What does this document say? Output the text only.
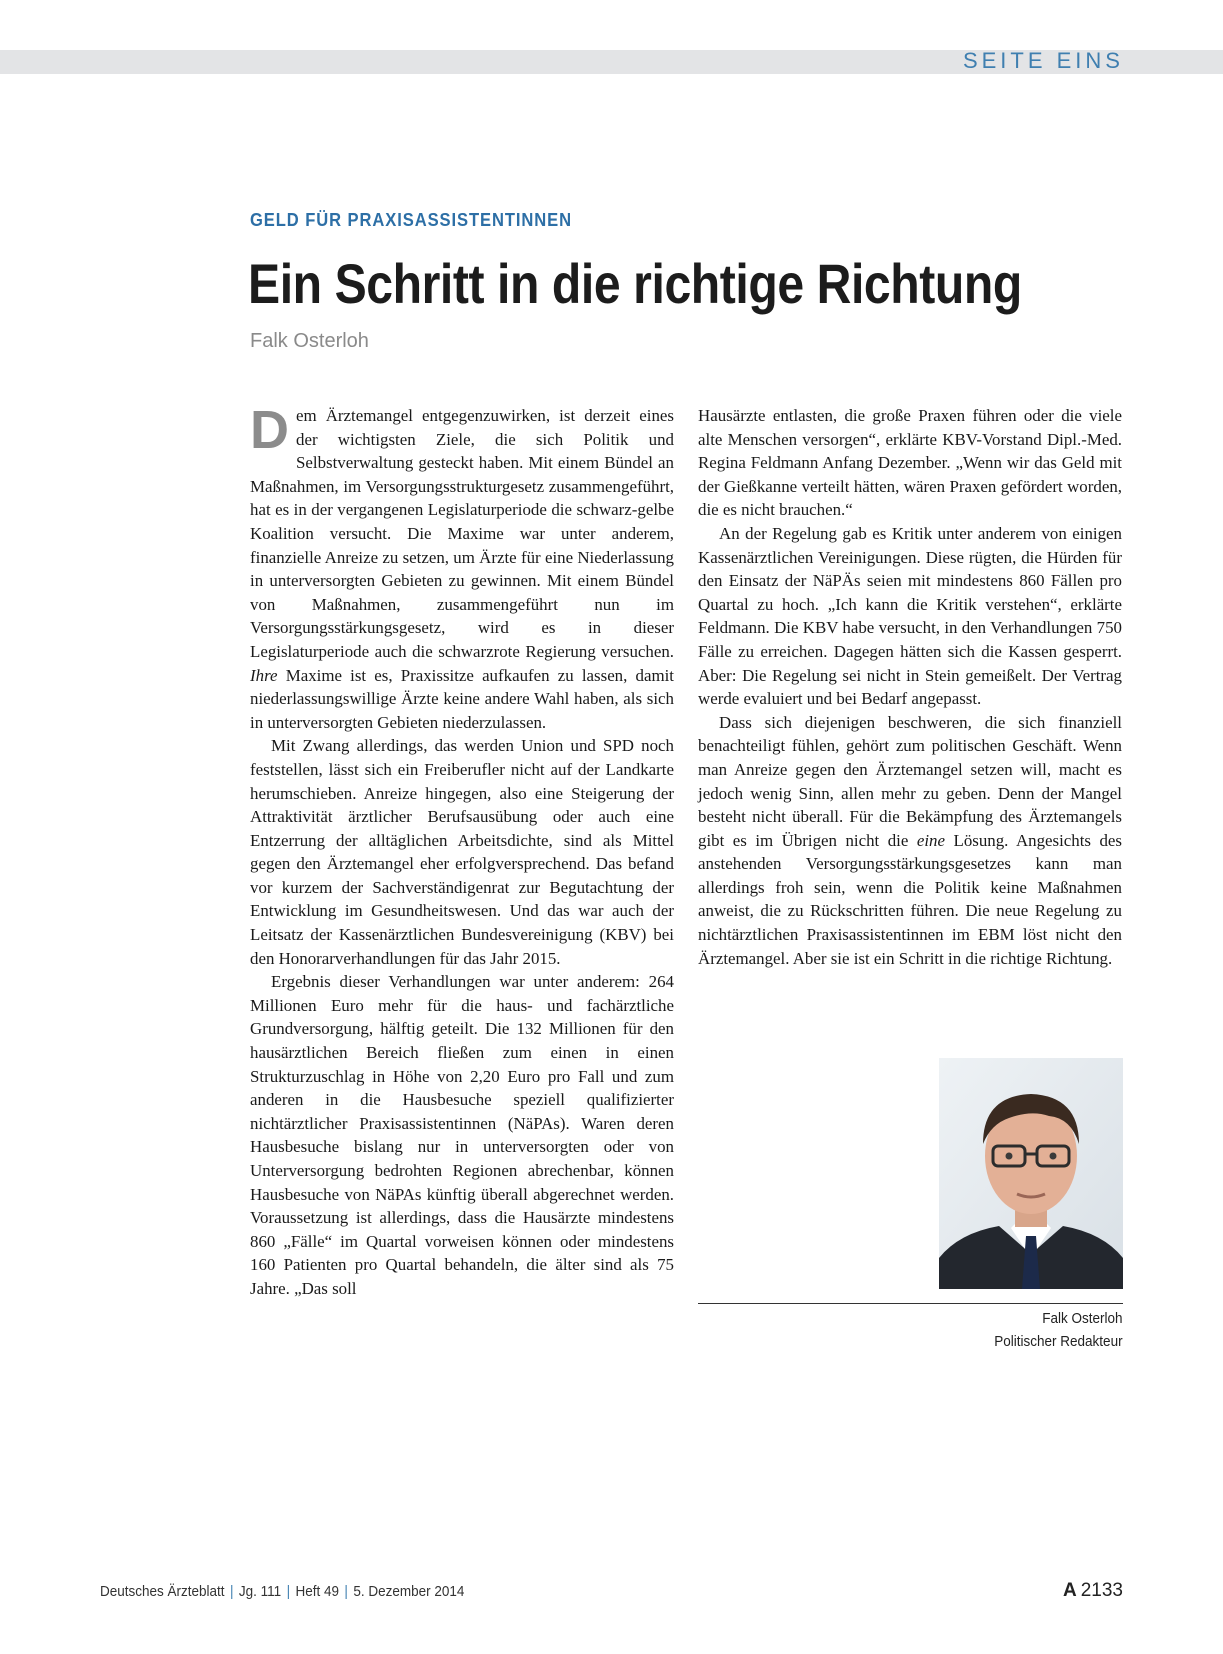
SEITE EINS
GELD FÜR PRAXISASSISTENTINNEN
Ein Schritt in die richtige Richtung
Falk Osterloh

Dem Ärztemangel entgegenzuwirken, ist derzeit eines der wichtigsten Ziele, die sich Politik und Selbstverwaltung gesteckt haben. Mit einem Bündel an Maßnahmen, im Versorgungsstrukturgesetz zusammengeführt, hat es in der vergangenen Legislaturperiode die schwarz-gelbe Koalition versucht. Die Maxime war unter anderem, finanzielle Anreize zu setzen, um Ärzte für eine Niederlassung in unterversorgten Gebieten zu gewinnen. Mit einem Bündel von Maßnahmen, zusammengeführt nun im Versorgungsstärkungsgesetz, wird es in dieser Legislaturperiode auch die schwarzrote Regierung versuchen. Ihre Maxime ist es, Praxissitze aufkaufen zu lassen, damit niederlassungswillige Ärzte keine andere Wahl haben, als sich in unterversorgten Gebieten niederzulassen.

Mit Zwang allerdings, das werden Union und SPD noch feststellen, lässt sich ein Freiberufler nicht auf der Landkarte herumschieben. Anreize hingegen, also eine Steigerung der Attraktivität ärztlicher Berufsausübung oder auch eine Entzerrung der alltäglichen Arbeitsdichte, sind als Mittel gegen den Ärztemangel eher erfolgversprechend. Das befand vor kurzem der Sachverständigenrat zur Begutachtung der Entwicklung im Gesundheitswesen. Und das war auch der Leitsatz der Kassenärztlichen Bundesvereinigung (KBV) bei den Honorarverhandlungen für das Jahr 2015.

Ergebnis dieser Verhandlungen war unter anderem: 264 Millionen Euro mehr für die haus- und fachärztliche Grundversorgung, hälftig geteilt. Die 132 Millionen für den hausärztlichen Bereich fließen zum einen in einen Strukturzuschlag in Höhe von 2,20 Euro pro Fall und zum anderen in die Hausbesuche speziell qualifizierter nichtärztlicher Praxisassistentinnen (NäPAs). Waren deren Hausbesuche bislang nur in unterversorgten oder von Unterversorgung bedrohten Regionen abrechenbar, können Hausbesuche von NäPAs künftig überall abgerechnet werden. Voraussetzung ist allerdings, dass die Hausärzte mindestens 860 „Fälle“ im Quartal vorweisen können oder mindestens 160 Patienten pro Quartal behandeln, die älter sind als 75 Jahre. „Das soll

Hausärzte entlasten, die große Praxen führen oder die viele alte Menschen versorgen“, erklärte KBV-Vorstand Dipl.-Med. Regina Feldmann Anfang Dezember. „Wenn wir das Geld mit der Gießkanne verteilt hätten, wären Praxen gefördert worden, die es nicht brauchen.“

An der Regelung gab es Kritik unter anderem von einigen Kassenärztlichen Vereinigungen. Diese rügten, die Hürden für den Einsatz der NäPÄs seien mit mindestens 860 Fällen pro Quartal zu hoch. „Ich kann die Kritik verstehen“, erklärte Feldmann. Die KBV habe versucht, in den Verhandlungen 750 Fälle zu erreichen. Dagegen hätten sich die Kassen gesperrt. Aber: Die Regelung sei nicht in Stein gemeißelt. Der Vertrag werde evaluiert und bei Bedarf angepasst.

Dass sich diejenigen beschweren, die sich finanziell benachteiligt fühlen, gehört zum politischen Geschäft. Wenn man Anreize gegen den Ärztemangel setzen will, macht es jedoch wenig Sinn, allen mehr zu geben. Denn der Mangel besteht nicht überall. Für die Bekämpfung des Ärztemangels gibt es im Übrigen nicht die eine Lösung. Angesichts des anstehenden Versorgungsstärkungsgesetzes kann man allerdings froh sein, wenn die Politik keine Maßnahmen anweist, die zu Rückschritten führen. Die neue Regelung zu nichtärztlichen Praxisassistentinnen im EBM löst nicht den Ärztemangel. Aber sie ist ein Schritt in die richtige Richtung.

Falk Osterloh
Politischer Redakteur
Deutsches Ärzteblatt | Jg. 111 | Heft 49 | 5. Dezember 2014	A 2133
